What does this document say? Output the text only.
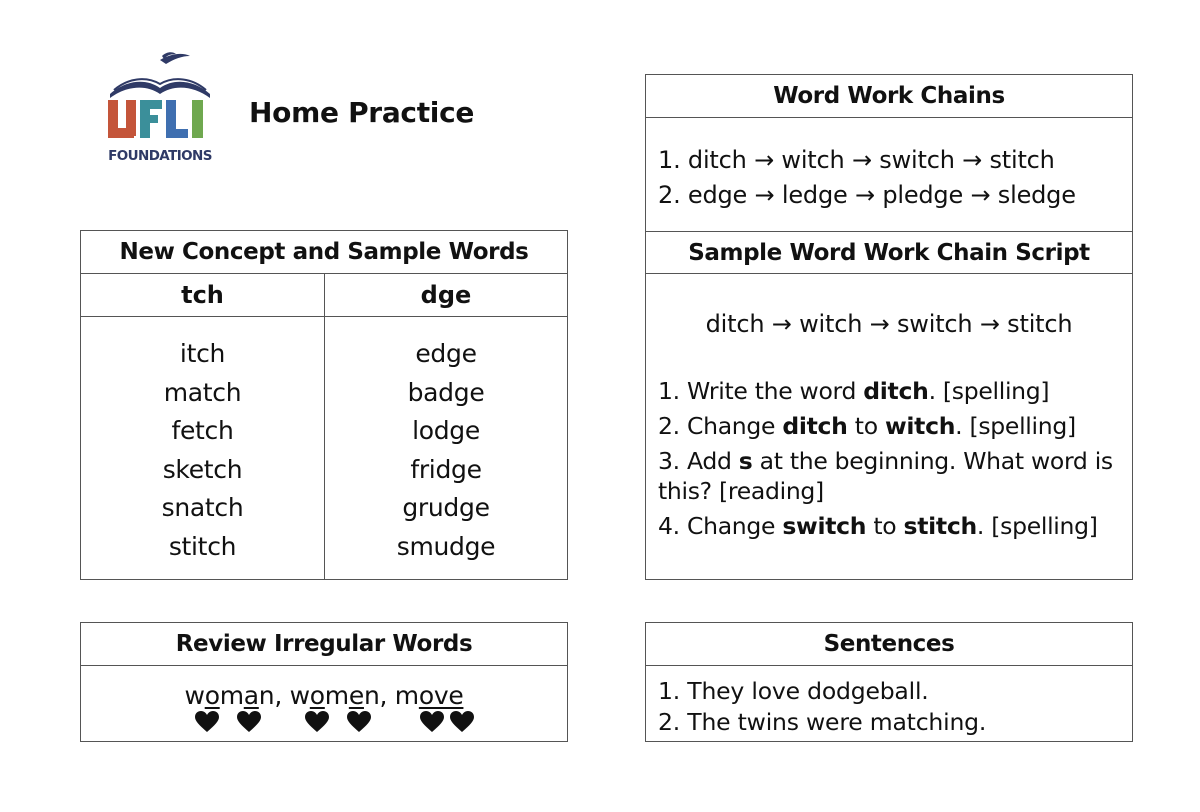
FOUNDATIONS
Home Practice
New Concept and Sample Words
tch
itch
match
fetch
sketch
snatch
stitch
dge
edge
badge
lodge
fridge
grudge
smudge
Review Irregular Words
woman, women, move
Word Work Chains
1. ditch → witch → switch → stitch
2. edge → ledge → pledge → sledge
Sample Word Work Chain Script
ditch → witch → switch → stitch
1. Write the word ditch. [spelling]
2. Change ditch to witch. [spelling]
3. Add s at the beginning. What word is this? [reading]
4. Change switch to stitch. [spelling]
Sentences
1. They love dodgeball.
2. The twins were matching.
